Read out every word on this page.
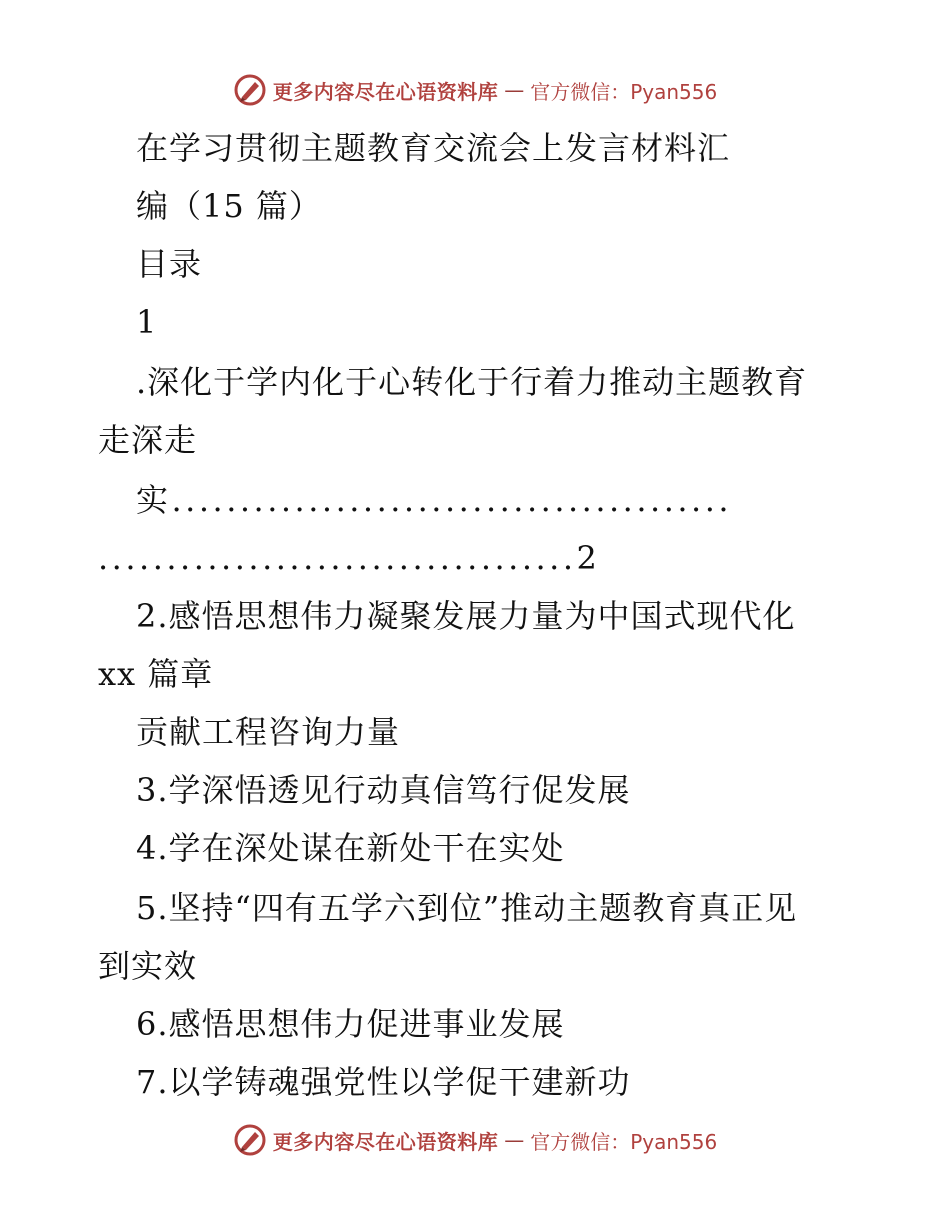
更多内容尽在心语资料库 — 官方微信：Pyan556
在学习贯彻主题教育交流会上发言材料汇
编（15 篇）
目录
1
.深化于学内化于心转化于行着力推动主题教育
走深走
实.........................................
...................................2
2.感悟思想伟力凝聚发展力量为中国式现代化
xx 篇章
贡献工程咨询力量
3.学深悟透见行动真信笃行促发展
4.学在深处谋在新处干在实处
5.坚持“四有五学六到位”推动主题教育真正见
到实效
6.感悟思想伟力促进事业发展
7.以学铸魂强党性以学促干建新功
更多内容尽在心语资料库 — 官方微信：Pyan556
